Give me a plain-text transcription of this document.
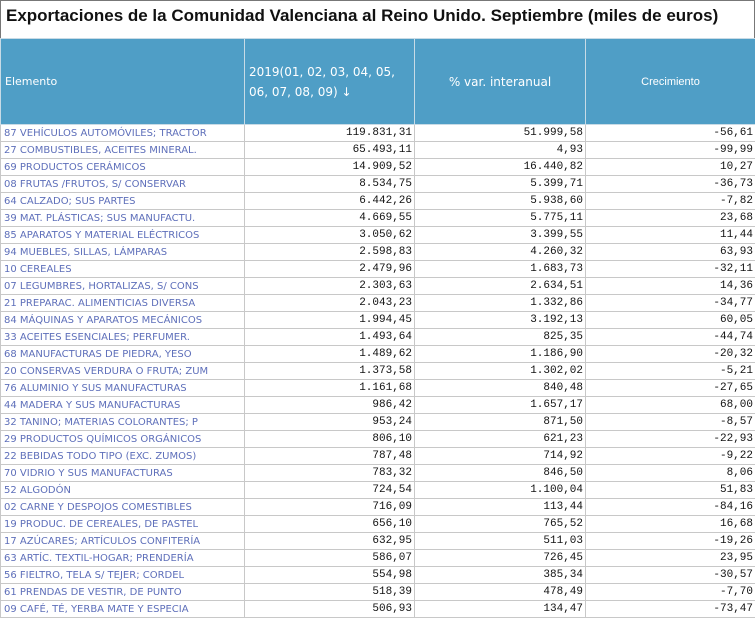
Exportaciones de la Comunidad Valenciana al Reino Unido. Septiembre (miles de euros)
Elemento	2019(01, 02, 03, 04, 05, 06, 07, 08, 09) ↓	% var. interanual	Crecimiento
87 VEHÍCULOS AUTOMÓVILES; TRACTOR	119.831,31	51.999,58	-56,61
27 COMBUSTIBLES, ACEITES MINERAL.	65.493,11	4,93	-99,99
69 PRODUCTOS CERÁMICOS	14.909,52	16.440,82	10,27
08 FRUTAS /FRUTOS, S/ CONSERVAR	8.534,75	5.399,71	-36,73
64 CALZADO; SUS PARTES	6.442,26	5.938,60	-7,82
39 MAT. PLÁSTICAS; SUS MANUFACTU.	4.669,55	5.775,11	23,68
85 APARATOS Y MATERIAL ELÉCTRICOS	3.050,62	3.399,55	11,44
94 MUEBLES, SILLAS, LÁMPARAS	2.598,83	4.260,32	63,93
10 CEREALES	2.479,96	1.683,73	-32,11
07 LEGUMBRES, HORTALIZAS, S/ CONS	2.303,63	2.634,51	14,36
21 PREPARAC. ALIMENTICIAS DIVERSA	2.043,23	1.332,86	-34,77
84 MÁQUINAS Y APARATOS MECÁNICOS	1.994,45	3.192,13	60,05
33 ACEITES ESENCIALES; PERFUMER.	1.493,64	825,35	-44,74
68 MANUFACTURAS DE PIEDRA, YESO	1.489,62	1.186,90	-20,32
20 CONSERVAS VERDURA O FRUTA; ZUM	1.373,58	1.302,02	-5,21
76 ALUMINIO Y SUS MANUFACTURAS	1.161,68	840,48	-27,65
44 MADERA Y SUS MANUFACTURAS	986,42	1.657,17	68,00
32 TANINO; MATERIAS COLORANTES; P	953,24	871,50	-8,57
29 PRODUCTOS QUÍMICOS ORGÁNICOS	806,10	621,23	-22,93
22 BEBIDAS TODO TIPO (EXC. ZUMOS)	787,48	714,92	-9,22
70 VIDRIO Y SUS MANUFACTURAS	783,32	846,50	8,06
52 ALGODÓN	724,54	1.100,04	51,83
02 CARNE Y DESPOJOS COMESTIBLES	716,09	113,44	-84,16
19 PRODUC. DE CEREALES, DE PASTEL	656,10	765,52	16,68
17 AZÚCARES; ARTÍCULOS CONFITERÍA	632,95	511,03	-19,26
63 ARTÍC. TEXTIL-HOGAR; PRENDERÍA	586,07	726,45	23,95
56 FIELTRO, TELA S/ TEJER; CORDEL	554,98	385,34	-30,57
61 PRENDAS DE VESTIR, DE PUNTO	518,39	478,49	-7,70
09 CAFÉ, TÉ, YERBA MATE Y ESPECIA	506,93	134,47	-73,47
